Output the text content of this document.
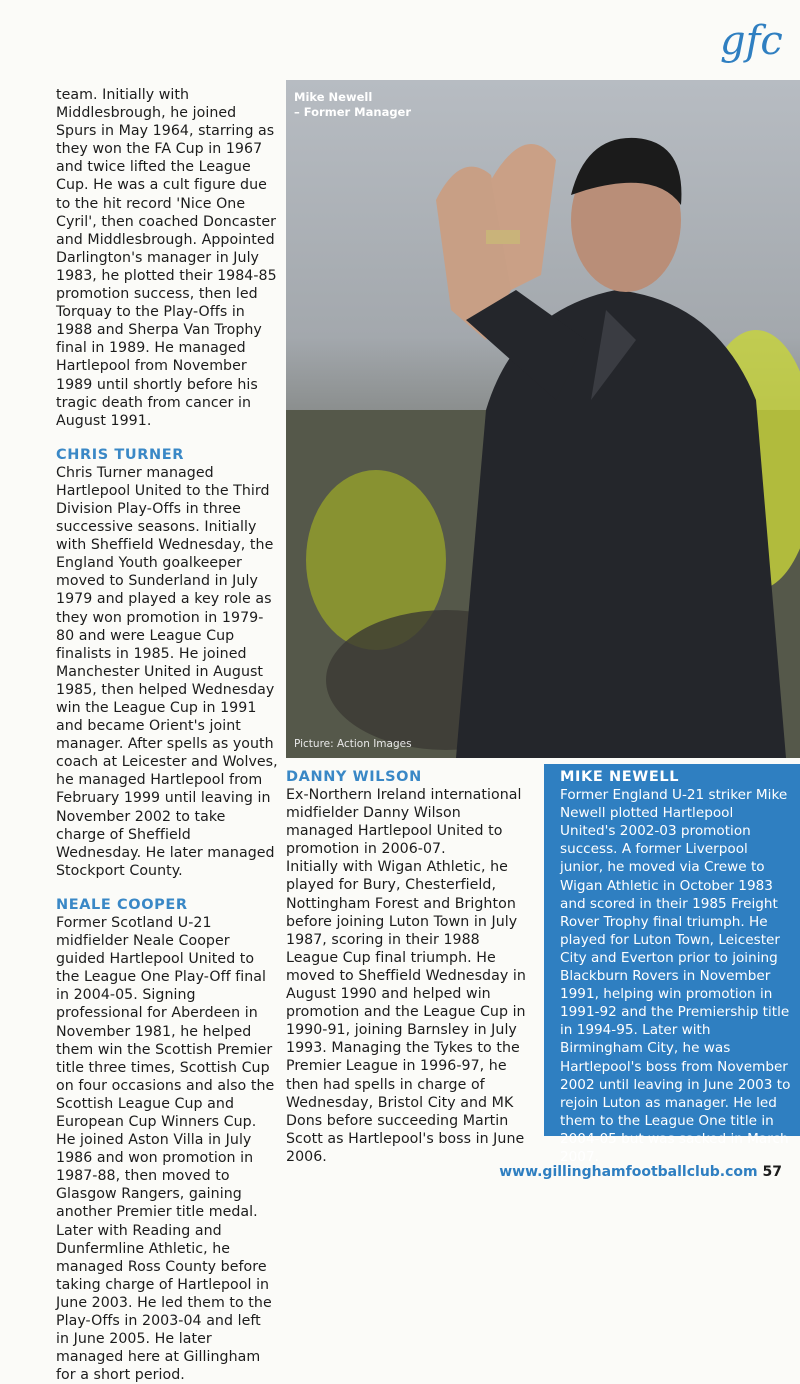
gfc

team. Initially with Middlesbrough, he joined Spurs in May 1964, starring as they won the FA Cup in 1967 and twice lifted the League Cup. He was a cult figure due to the hit record 'Nice One Cyril', then coached Doncaster and Middlesbrough. Appointed Darlington's manager in July 1983, he plotted their 1984-85 promotion success, then led Torquay to the Play-Offs in 1988 and Sherpa Van Trophy final in 1989. He managed Hartlepool from November 1989 until shortly before his tragic death from cancer in August 1991.

CHRIS TURNER

Chris Turner managed Hartlepool United to the Third Division Play-Offs in three successive seasons. Initially with Sheffield Wednesday, the England Youth goalkeeper moved to Sunderland in July 1979 and played a key role as they won promotion in 1979-80 and were League Cup finalists in 1985. He joined Manchester United in August 1985, then helped Wednesday win the League Cup in 1991 and became Orient's joint manager. After spells as youth coach at Leicester and Wolves, he managed Hartlepool from February 1999 until leaving in November 2002 to take charge of Sheffield Wednesday. He later managed Stockport County.

NEALE COOPER

Former Scotland U-21 midfielder Neale Cooper guided Hartlepool United to the League One Play-Off final in 2004-05. Signing professional for Aberdeen in November 1981, he helped them win the Scottish Premier title three times, Scottish Cup on four occasions and also the Scottish League Cup and European Cup Winners Cup. He joined Aston Villa in July 1986 and won promotion in 1987-88, then moved to Glasgow Rangers, gaining another Premier title medal. Later with Reading and Dunfermline Athletic, he managed Ross County before taking charge of Hartlepool in June 2003. He led them to the Play-Offs in 2003-04 and left in June 2005. He later managed here at Gillingham for a short period.

Mike Newell
– Former Manager
Picture: Action Images
DANNY WILSON

Ex-Northern Ireland international midfielder Danny Wilson managed Hartlepool United to promotion in 2006-07.

Initially with Wigan Athletic, he played for Bury, Chesterfield, Nottingham Forest and Brighton before joining Luton Town in July 1987, scoring in their 1988 League Cup final triumph. He moved to Sheffield Wednesday in August 1990 and helped win promotion and the League Cup in 1990-91, joining Barnsley in July 1993. Managing the Tykes to the Premier League in 1996-97, he then had spells in charge of Wednesday, Bristol City and MK Dons before succeeding Martin Scott as Hartlepool's boss in June 2006.

MIKE NEWELL

Former England U-21 striker Mike Newell plotted Hartlepool United's 2002-03 promotion success. A former Liverpool junior, he moved via Crewe to Wigan Athletic in October 1983 and scored in their 1985 Freight Rover Trophy final triumph. He played for Luton Town, Leicester City and Everton prior to joining Blackburn Rovers in November 1991, helping win promotion in 1991-92 and the Premiership title in 1994-95. Later with Birmingham City, he was Hartlepool's boss from November 2002 until leaving in June 2003 to rejoin Luton as manager. He led them to the League One title in 2004-05 but was sacked in March 2007.

www.gillinghamfootballclub.com 57
